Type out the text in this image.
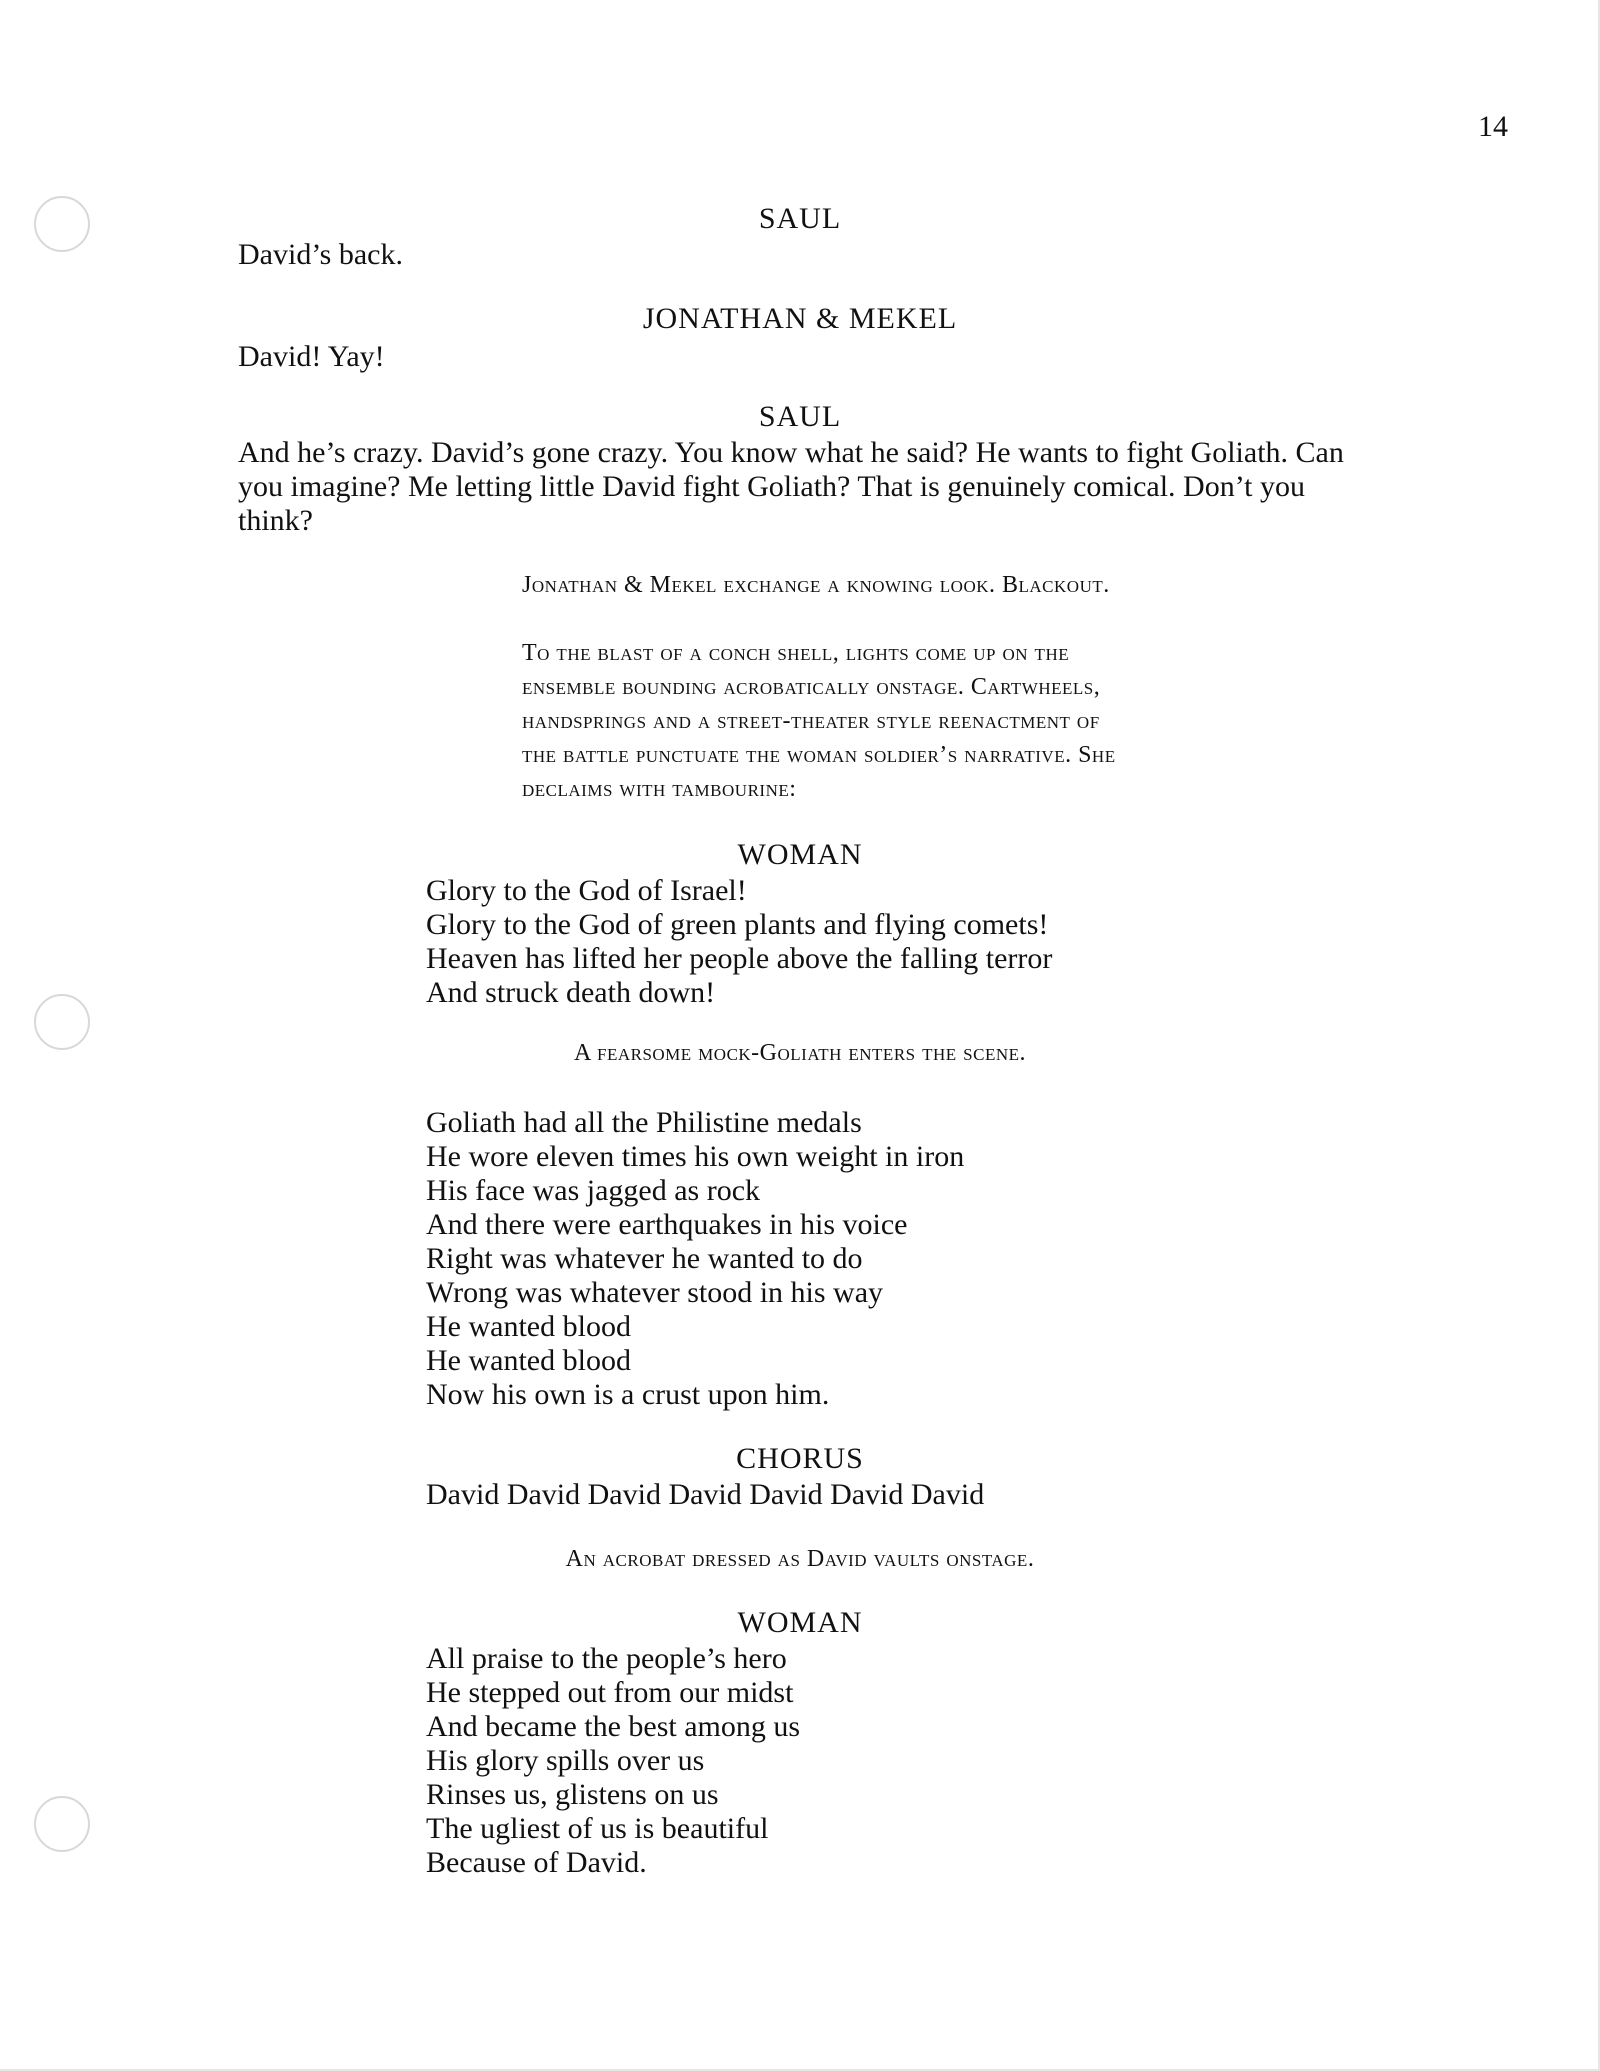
14
SAUL
David’s back.
JONATHAN & MEKEL
David! Yay!
SAUL
And he’s crazy. David’s gone crazy. You know what he said? He wants to fight Goliath. Can
you imagine? Me letting little David fight Goliath? That is genuinely comical. Don’t you
think?
Jonathan & Mekel exchange a knowing look. Blackout.
To the blast of a conch shell, lights come up on the
ensemble bounding acrobatically onstage. Cartwheels,
handsprings and a street-theater style reenactment of
the battle punctuate the woman soldier’s narrative. She
declaims with tambourine:
WOMAN
Glory to the God of Israel!
Glory to the God of green plants and flying comets!
Heaven has lifted her people above the falling terror
And struck death down!
A fearsome mock-Goliath enters the scene.
Goliath had all the Philistine medals
He wore eleven times his own weight in iron
His face was jagged as rock
And there were earthquakes in his voice
Right was whatever he wanted to do
Wrong was whatever stood in his way
He wanted blood
He wanted blood
Now his own is a crust upon him.
CHORUS
David David David David David David David
An acrobat dressed as David vaults onstage.
WOMAN
All praise to the people’s hero
He stepped out from our midst
And became the best among us
His glory spills over us
Rinses us, glistens on us
The ugliest of us is beautiful
Because of David.
